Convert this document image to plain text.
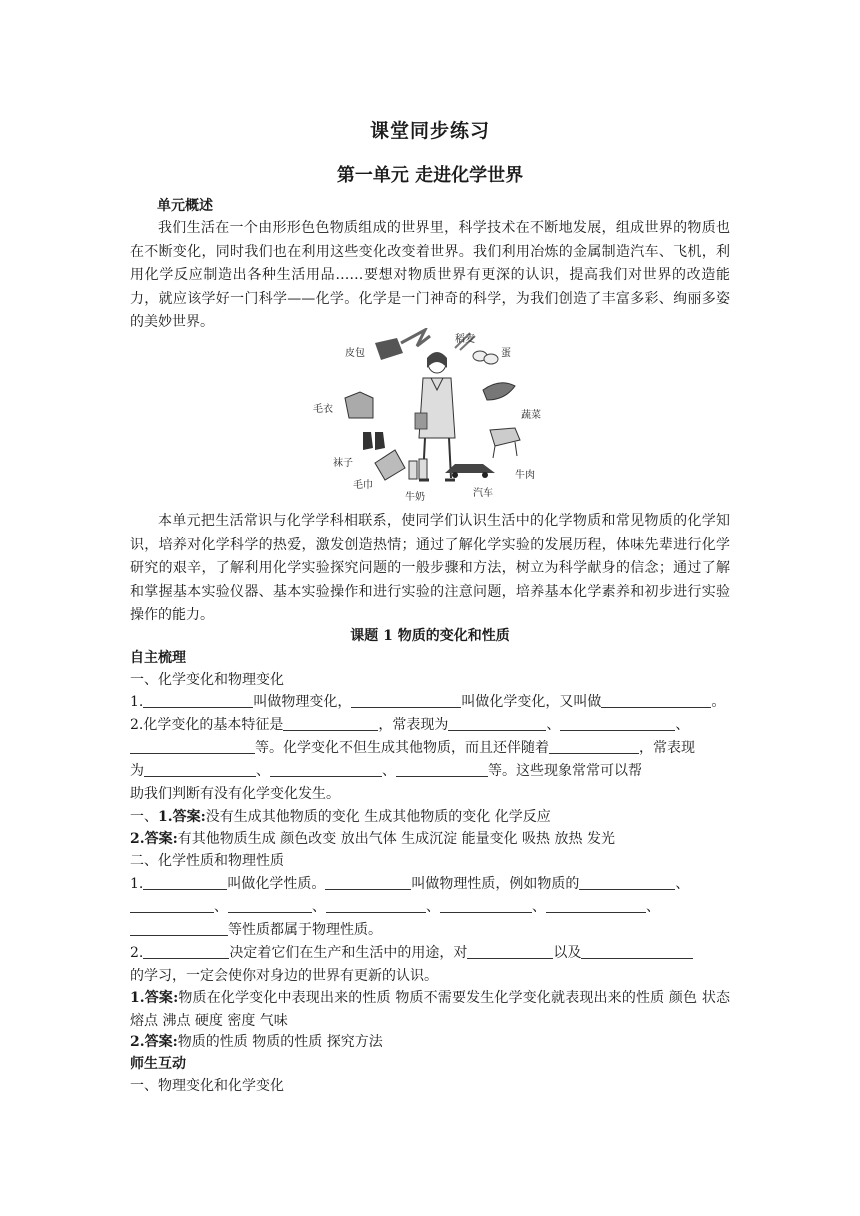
课堂同步练习
第一单元 走进化学世界
单元概述
我们生活在一个由形形色色物质组成的世界里，科学技术在不断地发展，组成世界的物质也在不断变化，同时我们也在利用这些变化改变着世界。我们利用冶炼的金属制造汽车、飞机，利用化学反应制造出各种生活用品……要想对物质世界有更深的认识，提高我们对世界的改造能力，就应该学好一门科学——化学。化学是一门神奇的科学，为我们创造了丰富多彩、绚丽多姿的美妙世界。
皮包
稻麦
蛋
毛衣
蔬菜
袜子
牛肉
毛巾
牛奶	汽车
本单元把生活常识与化学学科相联系，使同学们认识生活中的化学物质和常见物质的化学知识，培养对化学科学的热爱，激发创造热情；通过了解化学实验的发展历程，体味先辈进行化学研究的艰辛，了解利用化学实验探究问题的一般步骤和方法，树立为科学献身的信念；通过了解和掌握基本实验仪器、基本实验操作和进行实验的注意问题，培养基本化学素养和初步进行实验操作的能力。
课题 1 物质的变化和性质
自主梳理
一、化学变化和物理变化
1.	叫做物理变化，	叫做化学变化，又叫做	。
2.化学变化的基本特征是	，常表现为	、	、
等。化学变化不但生成其他物质，而且还伴随着	，常表现
为	、	、	等。这些现象常常可以帮
助我们判断有没有化学变化发生。
一、1.答案:没有生成其他物质的变化 生成其他物质的变化 化学反应
2.答案:有其他物质生成 颜色改变 放出气体 生成沉淀 能量变化 吸热 放热 发光
二、化学性质和物理性质
1.	叫做化学性质。	叫做物理性质，例如物质的	、
、	、	、	、	、
等性质都属于物理性质。
2.	决定着它们在生产和生活中的用途，对	以及
的学习，一定会使你对身边的世界有更新的认识。
1.答案:物质在化学变化中表现出来的性质 物质不需要发生化学变化就表现出来的性质 颜色 状态 熔点 沸点 硬度 密度 气味
2.答案:物质的性质 物质的性质 探究方法
师生互动
一、物理变化和化学变化
